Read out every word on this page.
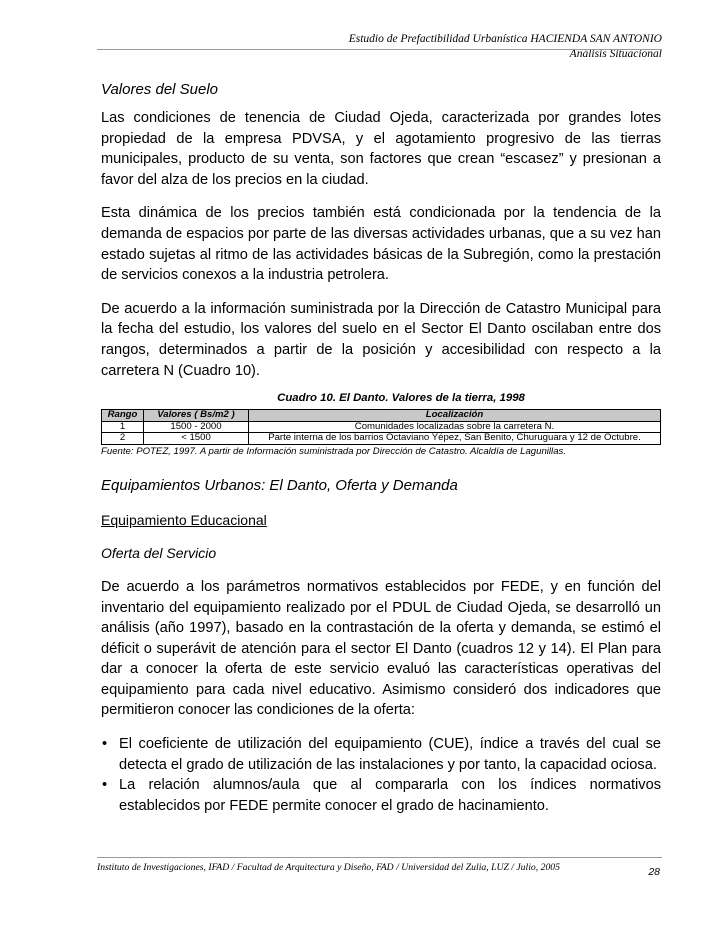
Estudio de Prefactibilidad Urbanística HACIENDA SAN ANTONIO
Análisis Situacional
Valores del Suelo

Las condiciones de tenencia de Ciudad Ojeda, caracterizada por grandes lotes propiedad de la empresa PDVSA, y el agotamiento progresivo de las tierras municipales, producto de su venta, son factores que crean “escasez” y presionan a favor del alza de los precios en la ciudad.

Esta dinámica de los precios también está condicionada por la tendencia de la demanda de espacios por parte de las diversas actividades urbanas, que a su vez han estado sujetas al ritmo de las actividades básicas de la Subregión, como la prestación de servicios conexos a la industria petrolera.

De acuerdo a la información suministrada por la Dirección de Catastro Municipal para la fecha del estudio, los valores del suelo en el Sector El Danto oscilaban entre dos rangos, determinados a partir de la posición y accesibilidad con respecto a la carretera N (Cuadro 10).

Cuadro 10. El Danto. Valores de la tierra, 1998
Rango	Valores ( Bs/m2 )	Localización
1	1500 - 2000	Comunidades localizadas sobre la carretera N.
2	< 1500	Parte interna de los barrios Octaviano Yépez, San Benito, Churuguara y 12 de Octubre.
Fuente: POTEZ, 1997. A partir de Información suministrada por Dirección de Catastro. Alcaldía de Lagunillas.
Equipamientos Urbanos: El Danto, Oferta y Demanda
Equipamiento Educacional
Oferta del Servicio

De acuerdo a los parámetros normativos establecidos por FEDE, y en función del inventario del equipamiento realizado por el PDUL de Ciudad Ojeda, se desarrolló un análisis (año 1997), basado en la contrastación de la oferta y demanda, se estimó el déficit o superávit de atención para el sector El Danto (cuadros 12 y 14). El Plan para dar a conocer la oferta de este servicio evaluó las características operativas del equipamiento para cada nivel educativo. Asimismo consideró dos indicadores que permitieron conocer las condiciones de la oferta:

• El coeficiente de utilización del equipamiento (CUE), índice a través del cual se detecta el grado de utilización de las instalaciones y por tanto, la capacidad ociosa.
• La relación alumnos/aula que al compararla con los índices normativos establecidos por FEDE permite conocer el grado de hacinamiento.
Instituto de Investigaciones, IFAD / Facultad de Arquitectura y Diseño, FAD / Universidad del Zulia, LUZ / Julio, 2005	28
